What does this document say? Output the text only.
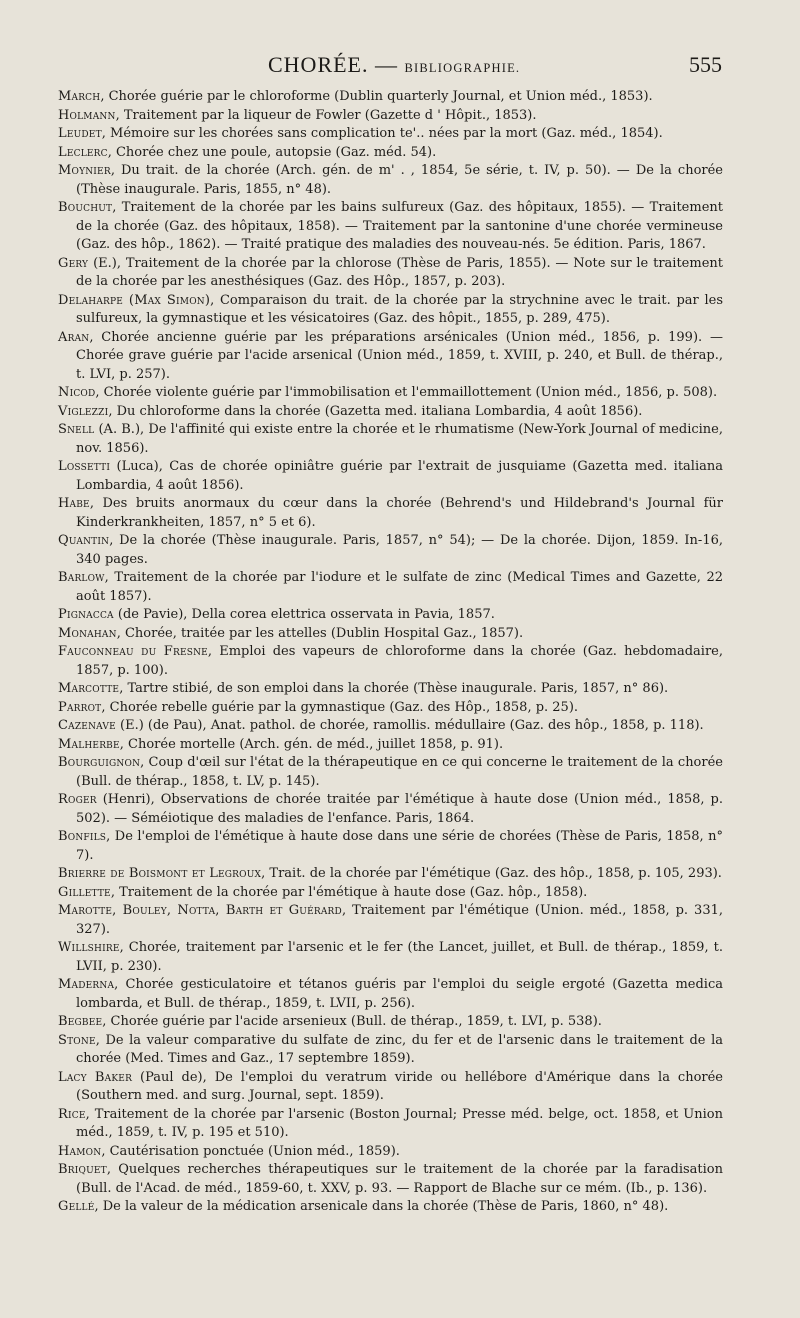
CHORÉE. — BIBLIOGRAPHIE.	555

March, Chorée guérie par le chloroforme (Dublin quarterly Journal, et Union méd., 1853).

Holmann, Traitement par la liqueur de Fowler (Gazette d ' Hôpit., 1853).

Leudet, Mémoire sur les chorées sans complication te'.. nées par la mort (Gaz. méd., 1854).

Leclerc, Chorée chez une poule, autopsie (Gaz. méd. 54).

Moynier, Du trait. de la chorée (Arch. gén. de m' . , 1854, 5e série, t. IV, p. 50). — De la chorée (Thèse inaugurale. Paris, 1855, n° 48).

Bouchut, Traitement de la chorée par les bains sulfureux (Gaz. des hôpitaux, 1855). — Traitement de la chorée (Gaz. des hôpitaux, 1858). — Traitement par la santonine d'une chorée vermineuse (Gaz. des hôp., 1862). — Traité pratique des maladies des nouveau-nés. 5e édition. Paris, 1867.

Gery (E.), Traitement de la chorée par la chlorose (Thèse de Paris, 1855). — Note sur le traitement de la chorée par les anesthésiques (Gaz. des Hôp., 1857, p. 203).

Delaharpe (Max Simon), Comparaison du trait. de la chorée par la strychnine avec le trait. par les sulfureux, la gymnastique et les vésicatoires (Gaz. des hôpit., 1855, p. 289, 475).

Aran, Chorée ancienne guérie par les préparations arsénicales (Union méd., 1856, p. 199). — Chorée grave guérie par l'acide arsenical (Union méd., 1859, t. XVIII, p. 240, et Bull. de thérap., t. LVI, p. 257).

Nicod, Chorée violente guérie par l'immobilisation et l'emmaillottement (Union méd., 1856, p. 508).

Viglezzi, Du chloroforme dans la chorée (Gazetta med. italiana Lombardia, 4 août 1856).

Snell (A. B.), De l'affinité qui existe entre la chorée et le rhumatisme (New-York Journal of medicine, nov. 1856).

Lossetti (Luca), Cas de chorée opiniâtre guérie par l'extrait de jusquiame (Gazetta med. italiana Lombardia, 4 août 1856).

Habe, Des bruits anormaux du cœur dans la chorée (Behrend's und Hildebrand's Journal für Kinderkrankheiten, 1857, n° 5 et 6).

Quantin, De la chorée (Thèse inaugurale. Paris, 1857, n° 54); — De la chorée. Dijon, 1859. In-16, 340 pages.

Barlow, Traitement de la chorée par l'iodure et le sulfate de zinc (Medical Times and Gazette, 22 août 1857).

Pignacca (de Pavie), Della corea elettrica osservata in Pavia, 1857.

Monahan, Chorée, traitée par les attelles (Dublin Hospital Gaz., 1857).

Fauconneau du Fresne, Emploi des vapeurs de chloroforme dans la chorée (Gaz. hebdomadaire, 1857, p. 100).

Marcotte, Tartre stibié, de son emploi dans la chorée (Thèse inaugurale. Paris, 1857, n° 86).

Parrot, Chorée rebelle guérie par la gymnastique (Gaz. des Hôp., 1858, p. 25).

Cazenave (E.) (de Pau), Anat. pathol. de chorée, ramollis. médullaire (Gaz. des hôp., 1858, p. 118).

Malherbe, Chorée mortelle (Arch. gén. de méd., juillet 1858, p. 91).

Bourguignon, Coup d'œil sur l'état de la thérapeutique en ce qui concerne le traitement de la chorée (Bull. de thérap., 1858, t. LV, p. 145).

Roger (Henri), Observations de chorée traitée par l'émétique à haute dose (Union méd., 1858, p. 502). — Séméiotique des maladies de l'enfance. Paris, 1864.

Bonfils, De l'emploi de l'émétique à haute dose dans une série de chorées (Thèse de Paris, 1858, n° 7).

Brierre de Boismont et Legroux, Trait. de la chorée par l'émétique (Gaz. des hôp., 1858, p. 105, 293).

Gillette, Traitement de la chorée par l'émétique à haute dose (Gaz. hôp., 1858).

Marotte, Bouley, Notta, Barth et Guérard, Traitement par l'émétique (Union. méd., 1858, p. 331, 327).

Willshire, Chorée, traitement par l'arsenic et le fer (the Lancet, juillet, et Bull. de thérap., 1859, t. LVII, p. 230).

Maderna, Chorée gesticulatoire et tétanos guéris par l'emploi du seigle ergoté (Gazetta medica lombarda, et Bull. de thérap., 1859, t. LVII, p. 256).

Begbee, Chorée guérie par l'acide arsenieux (Bull. de thérap., 1859, t. LVI, p. 538).

Stone, De la valeur comparative du sulfate de zinc, du fer et de l'arsenic dans le traitement de la chorée (Med. Times and Gaz., 17 septembre 1859).

Lacy Baker (Paul de), De l'emploi du veratrum viride ou hellébore d'Amérique dans la chorée (Southern med. and surg. Journal, sept. 1859).

Rice, Traitement de la chorée par l'arsenic (Boston Journal; Presse méd. belge, oct. 1858, et Union méd., 1859, t. IV, p. 195 et 510).

Hamon, Cautérisation ponctuée (Union méd., 1859).

Briquet, Quelques recherches thérapeutiques sur le traitement de la chorée par la faradisation (Bull. de l'Acad. de méd., 1859-60, t. XXV, p. 93. — Rapport de Blache sur ce mém. (Ib., p. 136).

Gellé, De la valeur de la médication arsenicale dans la chorée (Thèse de Paris, 1860, n° 48).
